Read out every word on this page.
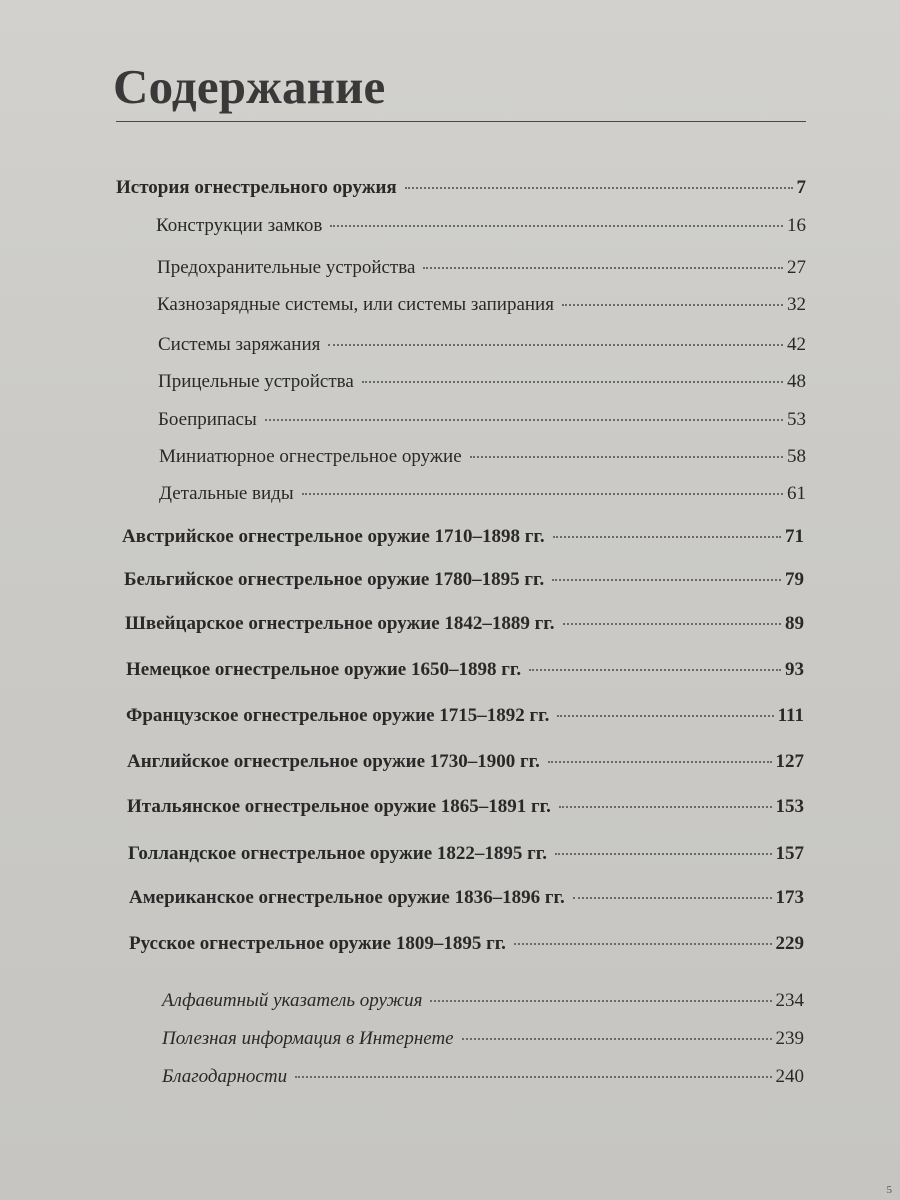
Содержание
История огнестрельного оружия	7
Конструкции замков	16
Предохранительные устройства	27
Казнозарядные системы, или системы запирания	32
Системы заряжания	42
Прицельные устройства	48
Боеприпасы	53
Миниатюрное огнестрельное оружие	58
Детальные виды	61
Австрийское огнестрельное оружие 1710–1898 гг.	71
Бельгийское огнестрельное оружие 1780–1895 гг.	79
Швейцарское огнестрельное оружие 1842–1889 гг.	89
Немецкое огнестрельное оружие 1650–1898 гг.	93
Французское огнестрельное оружие 1715–1892 гг.	111
Английское огнестрельное оружие 1730–1900 гг.	127
Итальянское огнестрельное оружие 1865–1891 гг.	153
Голландское огнестрельное оружие 1822–1895 гг.	157
Американское огнестрельное оружие 1836–1896 гг.	173
Русское огнестрельное оружие 1809–1895 гг.	229
Алфавитный указатель оружия	234
Полезная информация в Интернете	239
Благодарности	240
5
